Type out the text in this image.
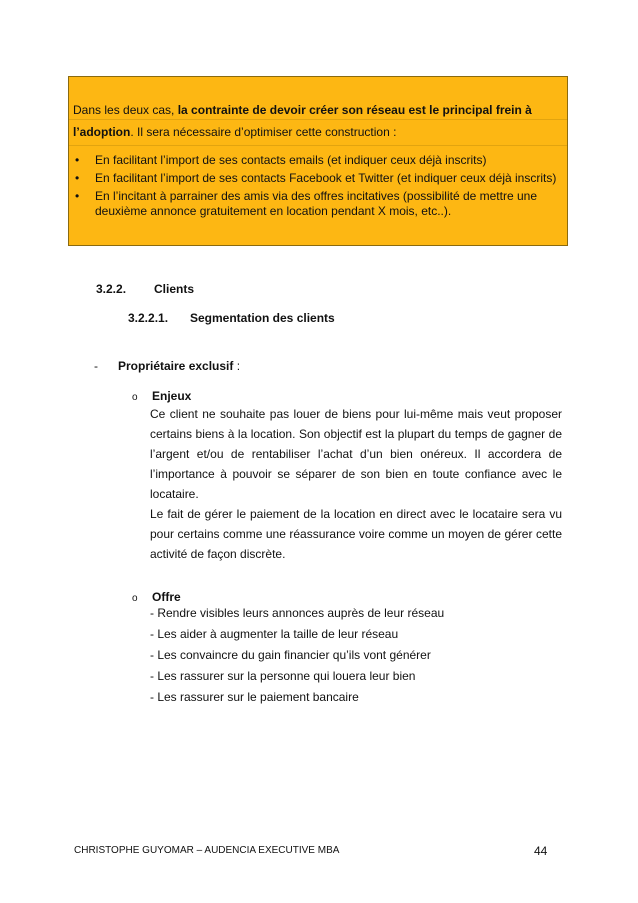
Dans les deux cas, la contrainte de devoir créer son réseau est le principal frein à
l’adoption. Il sera nécessaire d’optimiser cette construction :
• En facilitant l’import de ses contacts emails (et indiquer ceux déjà inscrits)
• En facilitant l’import de ses contacts Facebook et Twitter (et indiquer ceux déjà inscrits)
• En l’incitant à parrainer des amis via des offres incitatives (possibilité de mettre une deuxième annonce gratuitement en location pendant X mois, etc..).
3.2.2. Clients
3.2.2.1. Segmentation des clients
- Propriétaire exclusif :
o Enjeux

Ce client ne souhaite pas louer de biens pour lui-même mais veut proposer certains biens à la location. Son objectif est la plupart du temps de gagner de l’argent et/ou de rentabiliser l’achat d’un bien onéreux. Il accordera de l’importance à pouvoir se séparer de son bien en toute confiance avec le locataire.

Le fait de gérer le paiement de la location en direct avec le locataire sera vu pour certains comme une réassurance voire comme un moyen de gérer cette activité de façon discrète.

o Offre
- Rendre visibles leurs annonces auprès de leur réseau
- Les aider à augmenter la taille de leur réseau
- Les convaincre du gain financier qu’ils vont générer
- Les rassurer sur la personne qui louera leur bien
- Les rassurer sur le paiement bancaire
CHRISTOPHE GUYOMAR – AUDENCIA EXECUTIVE MBA	44
